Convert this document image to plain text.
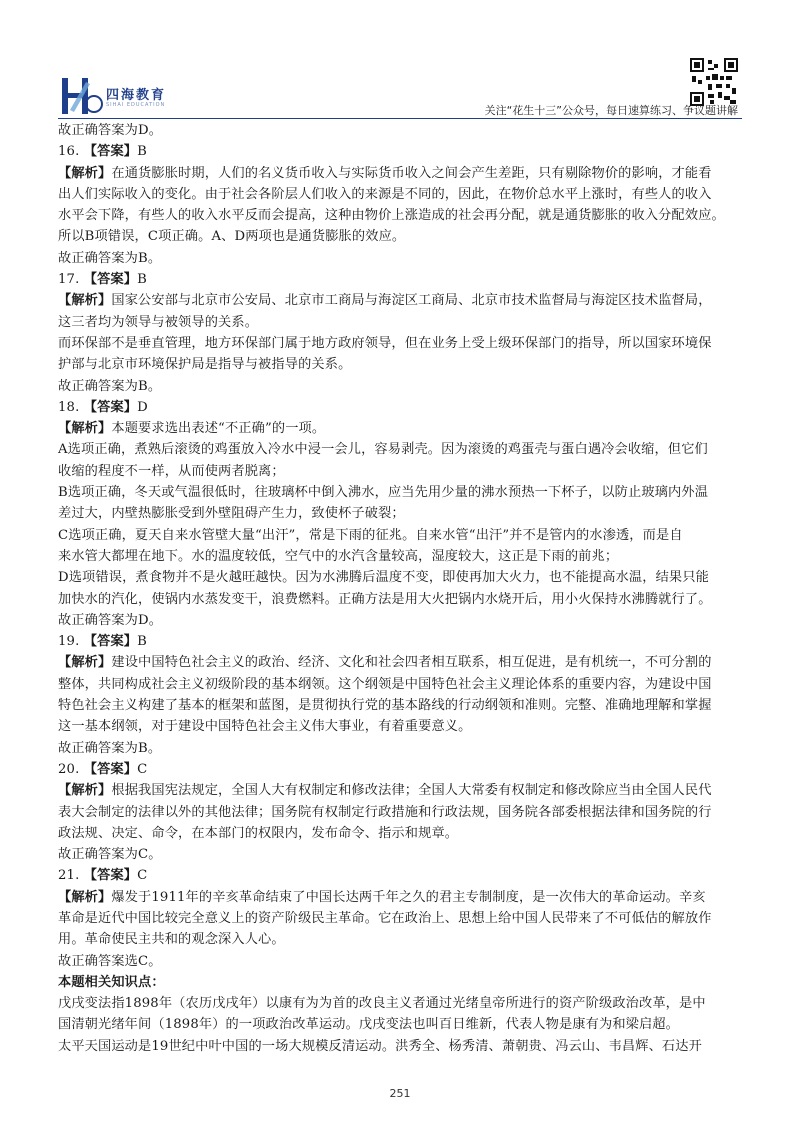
四海教育
SIHAI EDUCATION	关注“花生十三”公众号，每日速算练习、争议题讲解
故正确答案为D。
16. 【答案】B
【解析】在通货膨胀时期，人们的名义货币收入与实际货币收入之间会产生差距，只有剔除物价的影响，才能看
出人们实际收入的变化。由于社会各阶层人们收入的来源是不同的，因此，在物价总水平上涨时，有些人的收入
水平会下降，有些人的收入水平反而会提高，这种由物价上涨造成的社会再分配，就是通货膨胀的收入分配效应。
所以B项错误，C项正确。A、D两项也是通货膨胀的效应。
故正确答案为B。
17. 【答案】B
【解析】国家公安部与北京市公安局、北京市工商局与海淀区工商局、北京市技术监督局与海淀区技术监督局，
这三者均为领导与被领导的关系。
而环保部不是垂直管理，地方环保部门属于地方政府领导，但在业务上受上级环保部门的指导，所以国家环境保
护部与北京市环境保护局是指导与被指导的关系。
故正确答案为B。
18. 【答案】D
【解析】本题要求选出表述“不正确”的一项。
A选项正确，煮熟后滚烫的鸡蛋放入冷水中浸一会儿，容易剥壳。因为滚烫的鸡蛋壳与蛋白遇冷会收缩，但它们
收缩的程度不一样，从而使两者脱离；
B选项正确，冬天或气温很低时，往玻璃杯中倒入沸水，应当先用少量的沸水预热一下杯子，以防止玻璃内外温
差过大，内壁热膨胀受到外壁阻碍产生力，致使杯子破裂；
C选项正确，夏天自来水管壁大量“出汗”，常是下雨的征兆。自来水管“出汗”并不是管内的水渗透，而是自
来水管大都埋在地下。水的温度较低，空气中的水汽含量较高，湿度较大，这正是下雨的前兆；
D选项错误，煮食物并不是火越旺越快。因为水沸腾后温度不变，即使再加大火力，也不能提高水温，结果只能
加快水的汽化，使锅内水蒸发变干，浪费燃料。正确方法是用大火把锅内水烧开后，用小火保持水沸腾就行了。
故正确答案为D。
19. 【答案】B
【解析】建设中国特色社会主义的政治、经济、文化和社会四者相互联系，相互促进，是有机统一，不可分割的
整体，共同构成社会主义初级阶段的基本纲领。这个纲领是中国特色社会主义理论体系的重要内容，为建设中国
特色社会主义构建了基本的框架和蓝图，是贯彻执行党的基本路线的行动纲领和准则。完整、准确地理解和掌握
这一基本纲领，对于建设中国特色社会主义伟大事业，有着重要意义。
故正确答案为B。
20. 【答案】C
【解析】根据我国宪法规定，全国人大有权制定和修改法律；全国人大常委有权制定和修改除应当由全国人民代
表大会制定的法律以外的其他法律；国务院有权制定行政措施和行政法规，国务院各部委根据法律和国务院的行
政法规、决定、命令，在本部门的权限内，发布命令、指示和规章。
故正确答案为C。
21. 【答案】C
【解析】爆发于1911年的辛亥革命结束了中国长达两千年之久的君主专制制度，是一次伟大的革命运动。辛亥
革命是近代中国比较完全意义上的资产阶级民主革命。它在政治上、思想上给中国人民带来了不可低估的解放作
用。革命使民主共和的观念深入人心。
故正确答案选C。
本题相关知识点：
戊戌变法指1898年（农历戊戌年）以康有为为首的改良主义者通过光绪皇帝所进行的资产阶级政治改革，是中
国清朝光绪年间（1898年）的一项政治改革运动。戊戌变法也叫百日维新，代表人物是康有为和梁启超。
太平天国运动是19世纪中叶中国的一场大规模反清运动。洪秀全、杨秀清、萧朝贵、冯云山、韦昌辉、石达开
251
